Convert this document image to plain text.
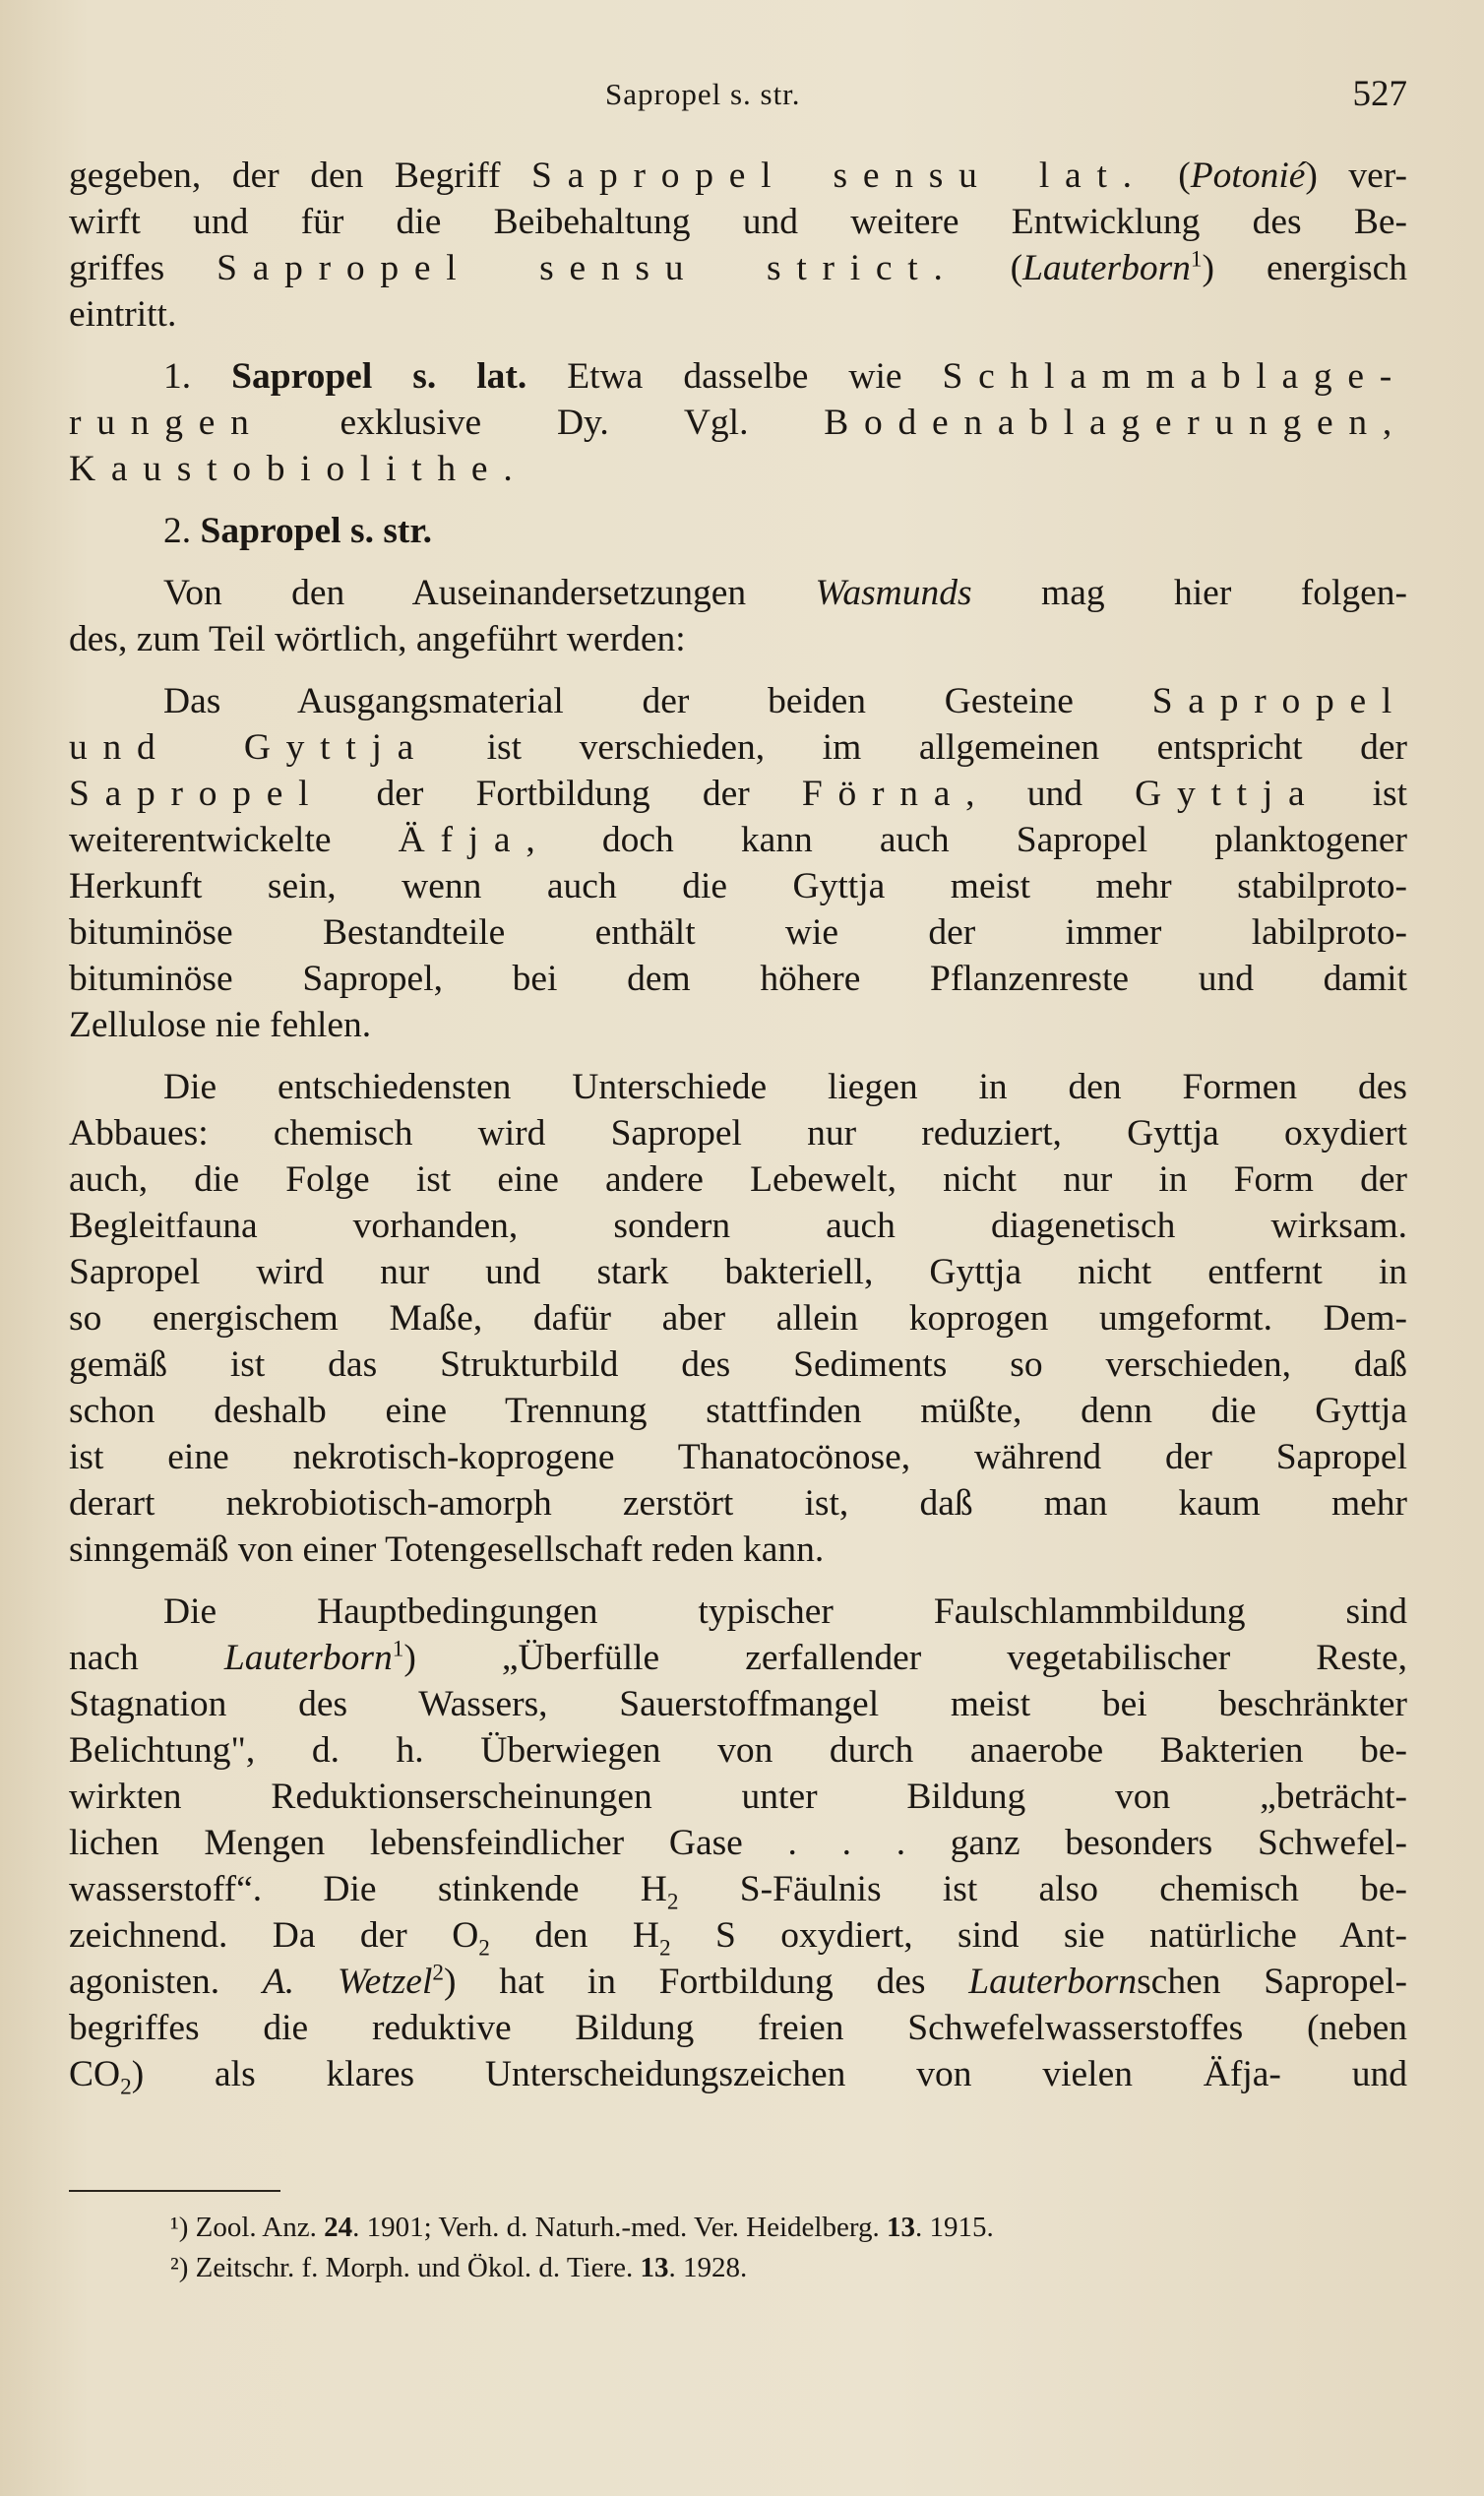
Sapropel s. str.	527
gegeben, der den Begriff Sapropel sensu lat. (Potonié) ver-
wirft und für die Beibehaltung und weitere Entwicklung des Be-
griffes Sapropel sensu strict. (Lauterborn$^1$) energisch
eintritt.
1. Sapropel s. lat. Etwa dasselbe wie Schlammablage-
rungen exklusive Dy. Vgl. Bodenablagerungen,
Kaustobiolithe.
2. Sapropel s. str.
Von den Auseinandersetzungen Wasmunds mag hier folgen-
des, zum Teil wörtlich, angeführt werden:
Das Ausgangsmaterial der beiden Gesteine Sapropel
und Gyttja ist verschieden, im allgemeinen entspricht der
Sapropel der Fortbildung der Förna, und Gyttja ist
weiterentwickelte Äfja, doch kann auch Sapropel planktogener
Herkunft sein, wenn auch die Gyttja meist mehr stabilproto-
bituminöse Bestandteile enthält wie der immer labilproto-
bituminöse Sapropel, bei dem höhere Pflanzenreste und damit
Zellulose nie fehlen.
Die entschiedensten Unterschiede liegen in den Formen des
Abbaues: chemisch wird Sapropel nur reduziert, Gyttja oxydiert
auch, die Folge ist eine andere Lebewelt, nicht nur in Form der
Begleitfauna vorhanden, sondern auch diagenetisch wirksam.
Sapropel wird nur und stark bakteriell, Gyttja nicht entfernt in
so energischem Maße, dafür aber allein koprogen umgeformt. Dem-
gemäß ist das Strukturbild des Sediments so verschieden, daß
schon deshalb eine Trennung stattfinden müßte, denn die Gyttja
ist eine nekrotisch-koprogene Thanatocönose, während der Sapropel
derart nekrobiotisch-amorph zerstört ist, daß man kaum mehr
sinngemäß von einer Totengesellschaft reden kann.
Die Hauptbedingungen typischer Faulschlammbildung sind
nach Lauterborn$^1$) „Überfülle zerfallender vegetabilischer Reste,
Stagnation des Wassers, Sauerstoffmangel meist bei beschränkter
Belichtung", d. h. Überwiegen von durch anaerobe Bakterien be-
wirkten Reduktionserscheinungen unter Bildung von „beträcht-
lichen Mengen lebensfeindlicher Gase . . . ganz besonders Schwefel-
wasserstoff“. Die stinkende $H_2$ S-Fäulnis ist also chemisch be-
zeichnend. Da der $O_2$ den $H_2$ S oxydiert, sind sie natürliche Ant-
agonisten. A. Wetzel$^2$) hat in Fortbildung des Lauterbornschen Sapropel-
begriffes die reduktive Bildung freien Schwefelwasserstoffes (neben
$CO_2$) als klares Unterscheidungszeichen von vielen Äfja- und
¹) Zool. Anz. 24. 1901; Verh. d. Naturh.-med. Ver. Heidelberg. 13. 1915.
²) Zeitschr. f. Morph. und Ökol. d. Tiere. 13. 1928.
